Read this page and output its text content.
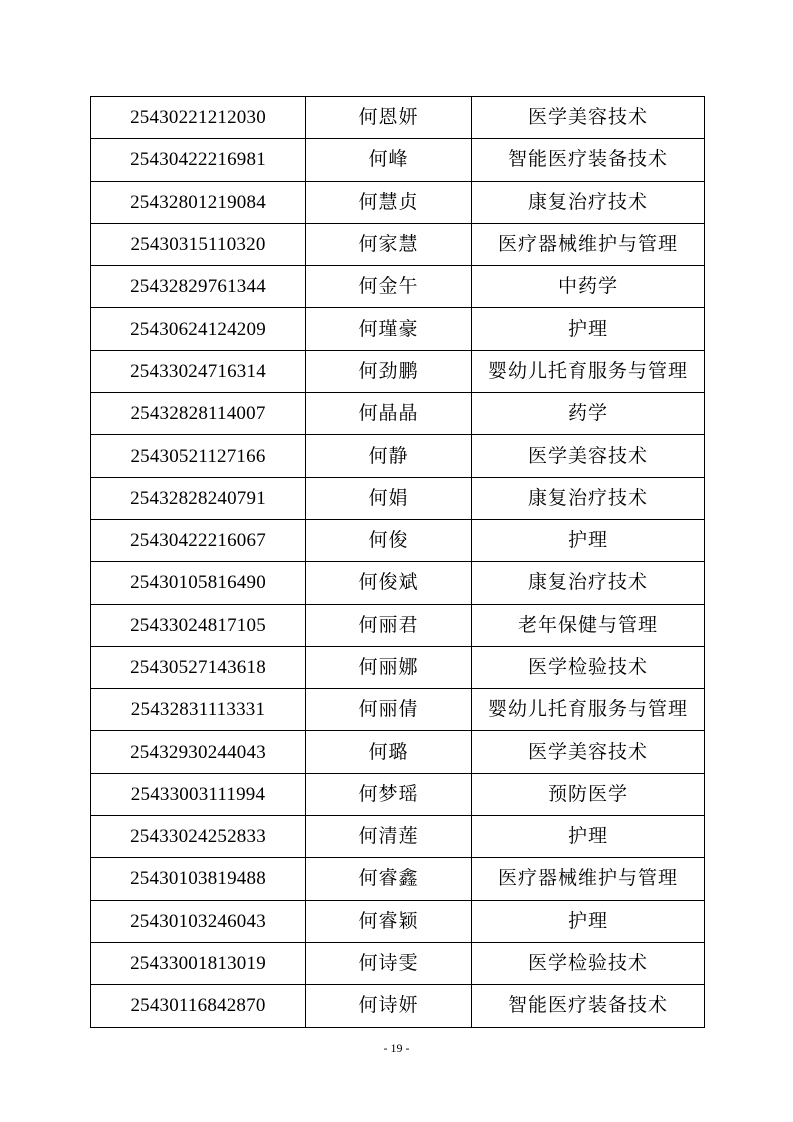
25430221212030	何恩妍	医学美容技术
25430422216981	何峰	智能医疗装备技术
25432801219084	何慧贞	康复治疗技术
25430315110320	何家慧	医疗器械维护与管理
25432829761344	何金午	中药学
25430624124209	何瑾豪	护理
25433024716314	何劲鹏	婴幼儿托育服务与管理
25432828114007	何晶晶	药学
25430521127166	何静	医学美容技术
25432828240791	何娟	康复治疗技术
25430422216067	何俊	护理
25430105816490	何俊斌	康复治疗技术
25433024817105	何丽君	老年保健与管理
25430527143618	何丽娜	医学检验技术
25432831113331	何丽倩	婴幼儿托育服务与管理
25432930244043	何璐	医学美容技术
25433003111994	何梦瑶	预防医学
25433024252833	何清莲	护理
25430103819488	何睿鑫	医疗器械维护与管理
25430103246043	何睿颖	护理
25433001813019	何诗雯	医学检验技术
25430116842870	何诗妍	智能医疗装备技术
- 19 -
